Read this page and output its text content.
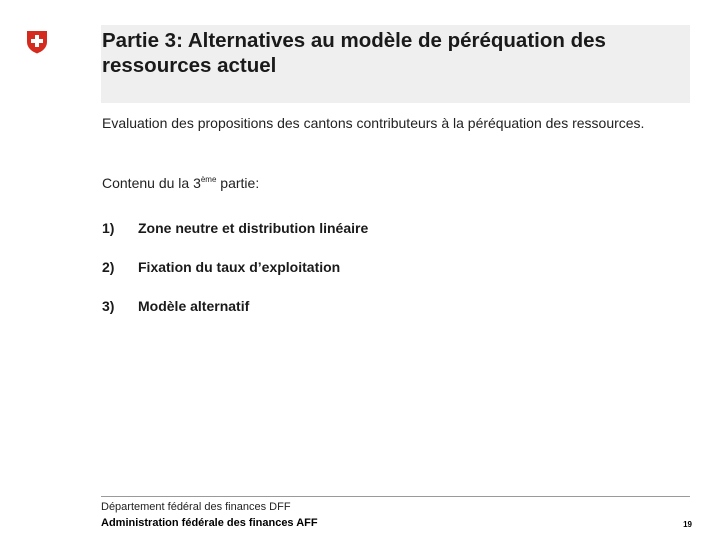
Partie 3: Alternatives au modèle de péréquation des ressources actuel
Evaluation des propositions des cantons contributeurs à la péréquation des ressources.
Contenu du la 3ème partie:
1) Zone neutre et distribution linéaire
2) Fixation du taux d’exploitation
3) Modèle alternatif
Département fédéral des finances DFF
Administration fédérale des finances AFF	19
